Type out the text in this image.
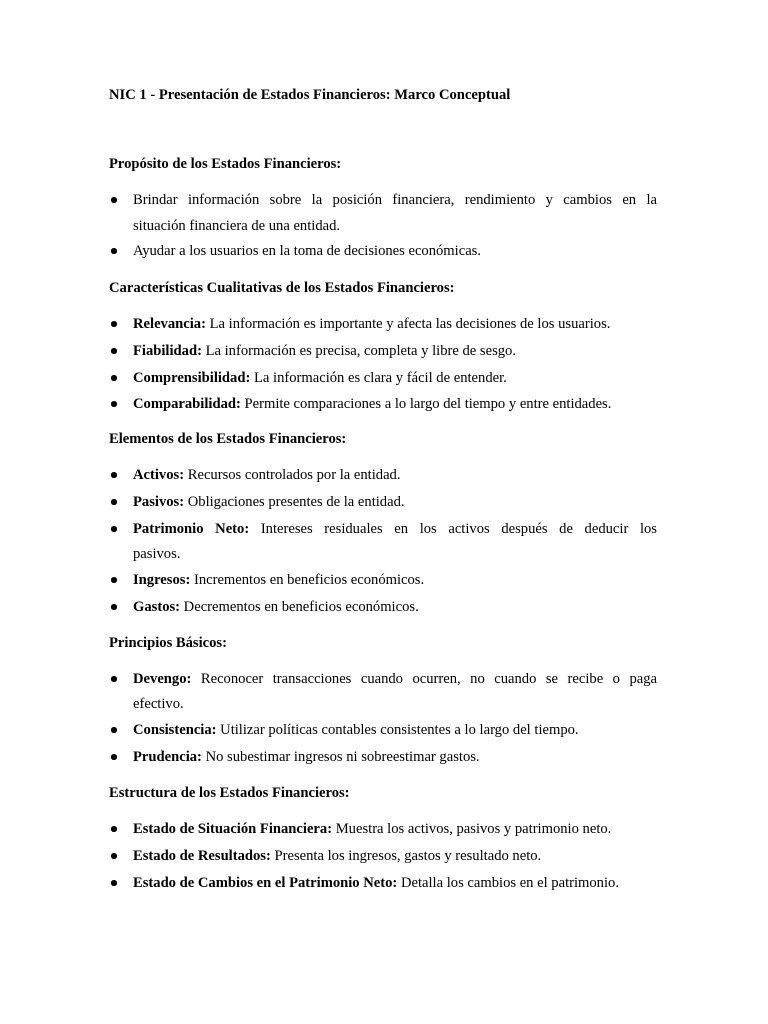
NIC 1 - Presentación de Estados Financieros: Marco Conceptual
Propósito de los Estados Financieros:
Brindar información sobre la posición financiera, rendimiento y cambios en la
situación financiera de una entidad.
Ayudar a los usuarios en la toma de decisiones económicas.
Características Cualitativas de los Estados Financieros:
Relevancia: La información es importante y afecta las decisiones de los usuarios.
Fiabilidad: La información es precisa, completa y libre de sesgo.
Comprensibilidad: La información es clara y fácil de entender.
Comparabilidad: Permite comparaciones a lo largo del tiempo y entre entidades.
Elementos de los Estados Financieros:
Activos: Recursos controlados por la entidad.
Pasivos: Obligaciones presentes de la entidad.
Patrimonio Neto: Intereses residuales en los activos después de deducir los
pasivos.
Ingresos: Incrementos en beneficios económicos.
Gastos: Decrementos en beneficios económicos.
Principios Básicos:
Devengo: Reconocer transacciones cuando ocurren, no cuando se recibe o paga
efectivo.
Consistencia: Utilizar políticas contables consistentes a lo largo del tiempo.
Prudencia: No subestimar ingresos ni sobreestimar gastos.
Estructura de los Estados Financieros:
Estado de Situación Financiera: Muestra los activos, pasivos y patrimonio neto.
Estado de Resultados: Presenta los ingresos, gastos y resultado neto.
Estado de Cambios en el Patrimonio Neto: Detalla los cambios en el patrimonio.
